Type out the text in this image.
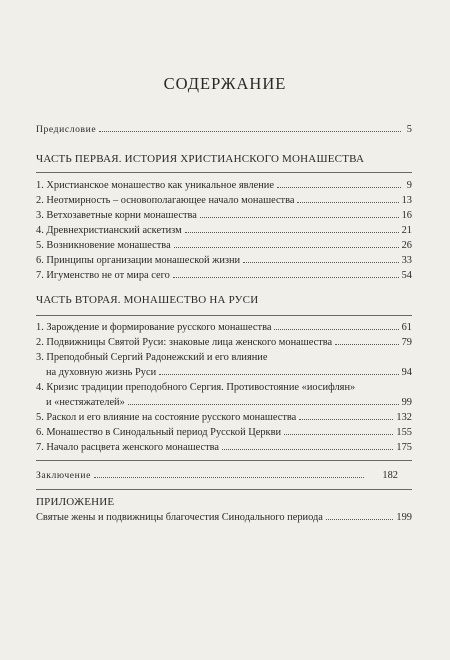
СОДЕРЖАНИЕ
Предисловие	5
ЧАСТЬ ПЕРВАЯ. ИСТОРИЯ ХРИСТИАНСКОГО МОНАШЕСТВА
1. Христианское монашество как уникальное явление	9
2. Неотмирность – основополагающее начало монашества	13
3. Ветхозаветные корни монашества	16
4. Древнехристианский аскетизм	21
5. Возникновение монашества	26
6. Принципы организации монашеской жизни	33
7. Игуменство не от мира сего	54
ЧАСТЬ ВТОРАЯ. МОНАШЕСТВО НА РУСИ
1. Зарождение и формирование русского монашества	61
2. Подвижницы Святой Руси: знаковые лица женского монашества	79
3. Преподобный Сергий Радонежский и его влияние
на духовную жизнь Руси	94
4. Кризис традиции преподобного Сергия. Противостояние «иосифлян»
и «нестяжателей»	99
5. Раскол и его влияние на состояние русского монашества	132
6. Монашество в Синодальный период Русской Церкви	155
7. Начало расцвета женского монашества	175
Заключение	182
ПРИЛОЖЕНИЕ
Святые жены и подвижницы благочестия Синодального периода	199
